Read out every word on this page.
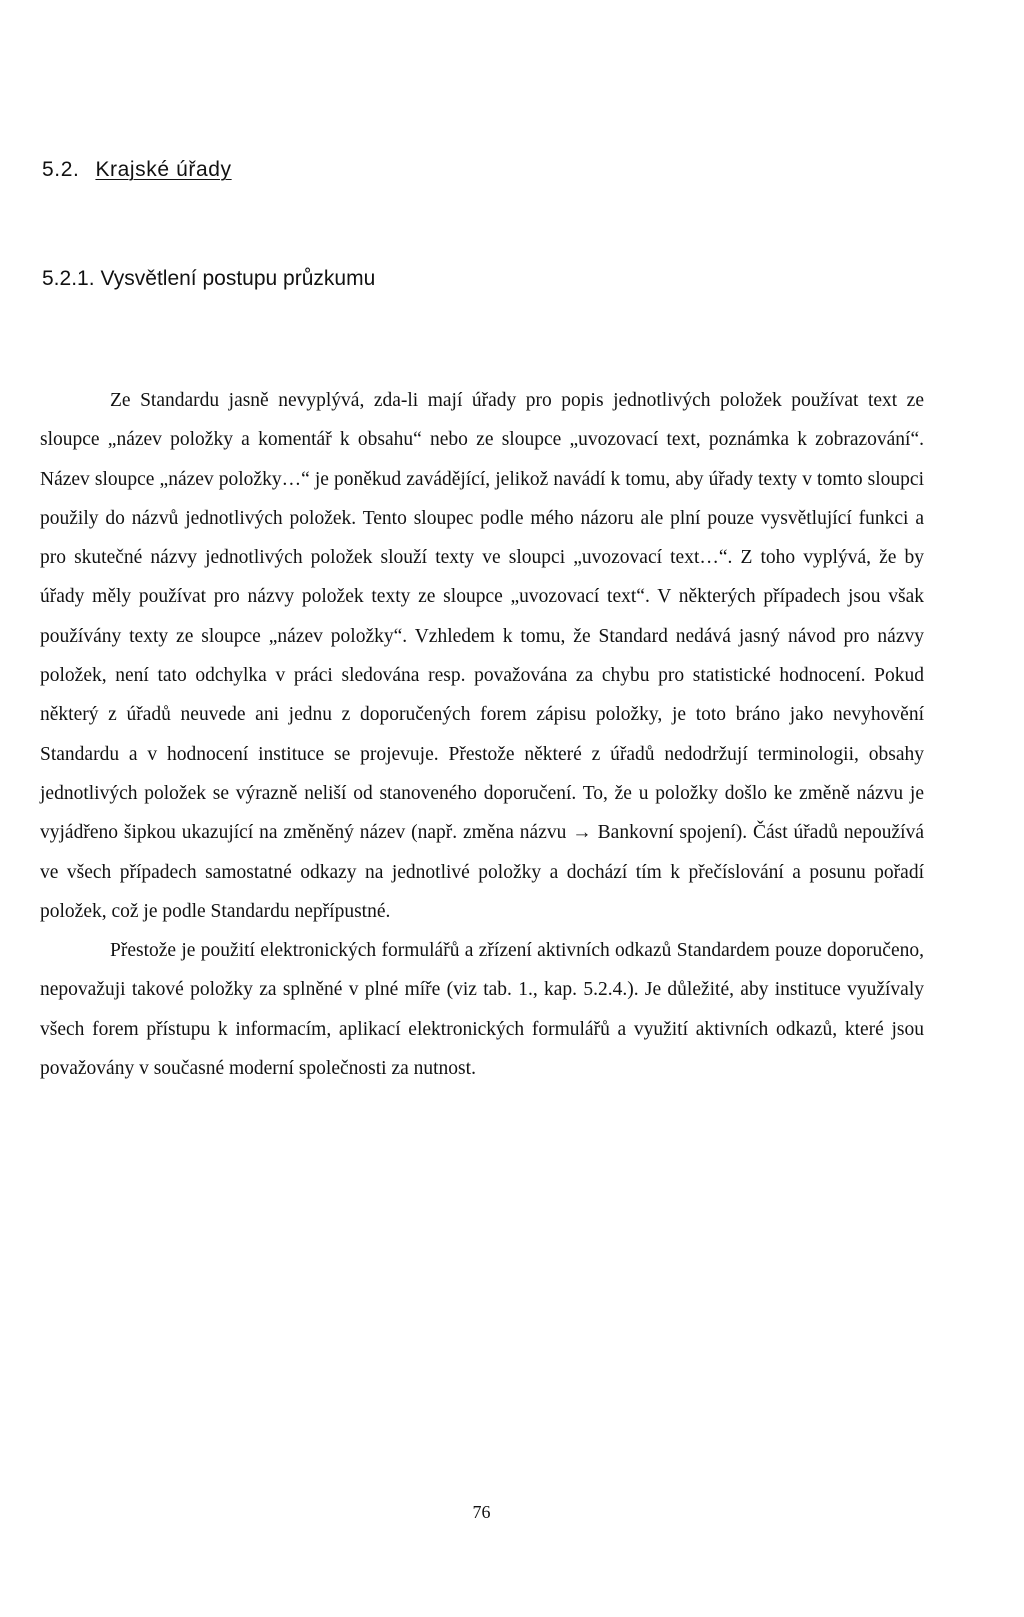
5.2. Krajské úřady
5.2.1. Vysvětlení postupu průzkumu

Ze Standardu jasně nevyplývá, zda-li mají úřady pro popis jednotlivých položek používat text ze sloupce „název položky a komentář k obsahu“ nebo ze sloupce „uvozovací text, poznámka k zobrazování“. Název sloupce „název položky…“ je poněkud zavádějící, jelikož navádí k tomu, aby úřady texty v tomto sloupci použily do názvů jednotlivých položek. Tento sloupec podle mého názoru ale plní pouze vysvětlující funkci a pro skutečné názvy jednotlivých položek slouží texty ve sloupci „uvozovací text…“. Z toho vyplývá, že by úřady měly používat pro názvy položek texty ze sloupce „uvozovací text“. V některých případech jsou však používány texty ze sloupce „název položky“. Vzhledem k tomu, že Standard nedává jasný návod pro názvy položek, není tato odchylka v práci sledována resp. považována za chybu pro statistické hodnocení. Pokud některý z úřadů neuvede ani jednu z doporučených forem zápisu položky, je toto bráno jako nevyhovění Standardu a v hodnocení instituce se projevuje. Přestože některé z úřadů nedodržují terminologii, obsahy jednotlivých položek se výrazně neliší od stanoveného doporučení. To, že u položky došlo ke změně názvu je vyjádřeno šipkou ukazující na změněný název (např. změna názvu → Bankovní spojení). Část úřadů nepoužívá ve všech případech samostatné odkazy na jednotlivé položky a dochází tím k přečíslování a posunu pořadí položek, což je podle Standardu nepřípustné.

Přestože je použití elektronických formulářů a zřízení aktivních odkazů Standardem pouze doporučeno, nepovažuji takové položky za splněné v plné míře (viz tab. 1., kap. 5.2.4.). Je důležité, aby instituce využívaly všech forem přístupu k informacím, aplikací elektronických formulářů a využití aktivních odkazů, které jsou považovány v současné moderní společnosti za nutnost.

76
